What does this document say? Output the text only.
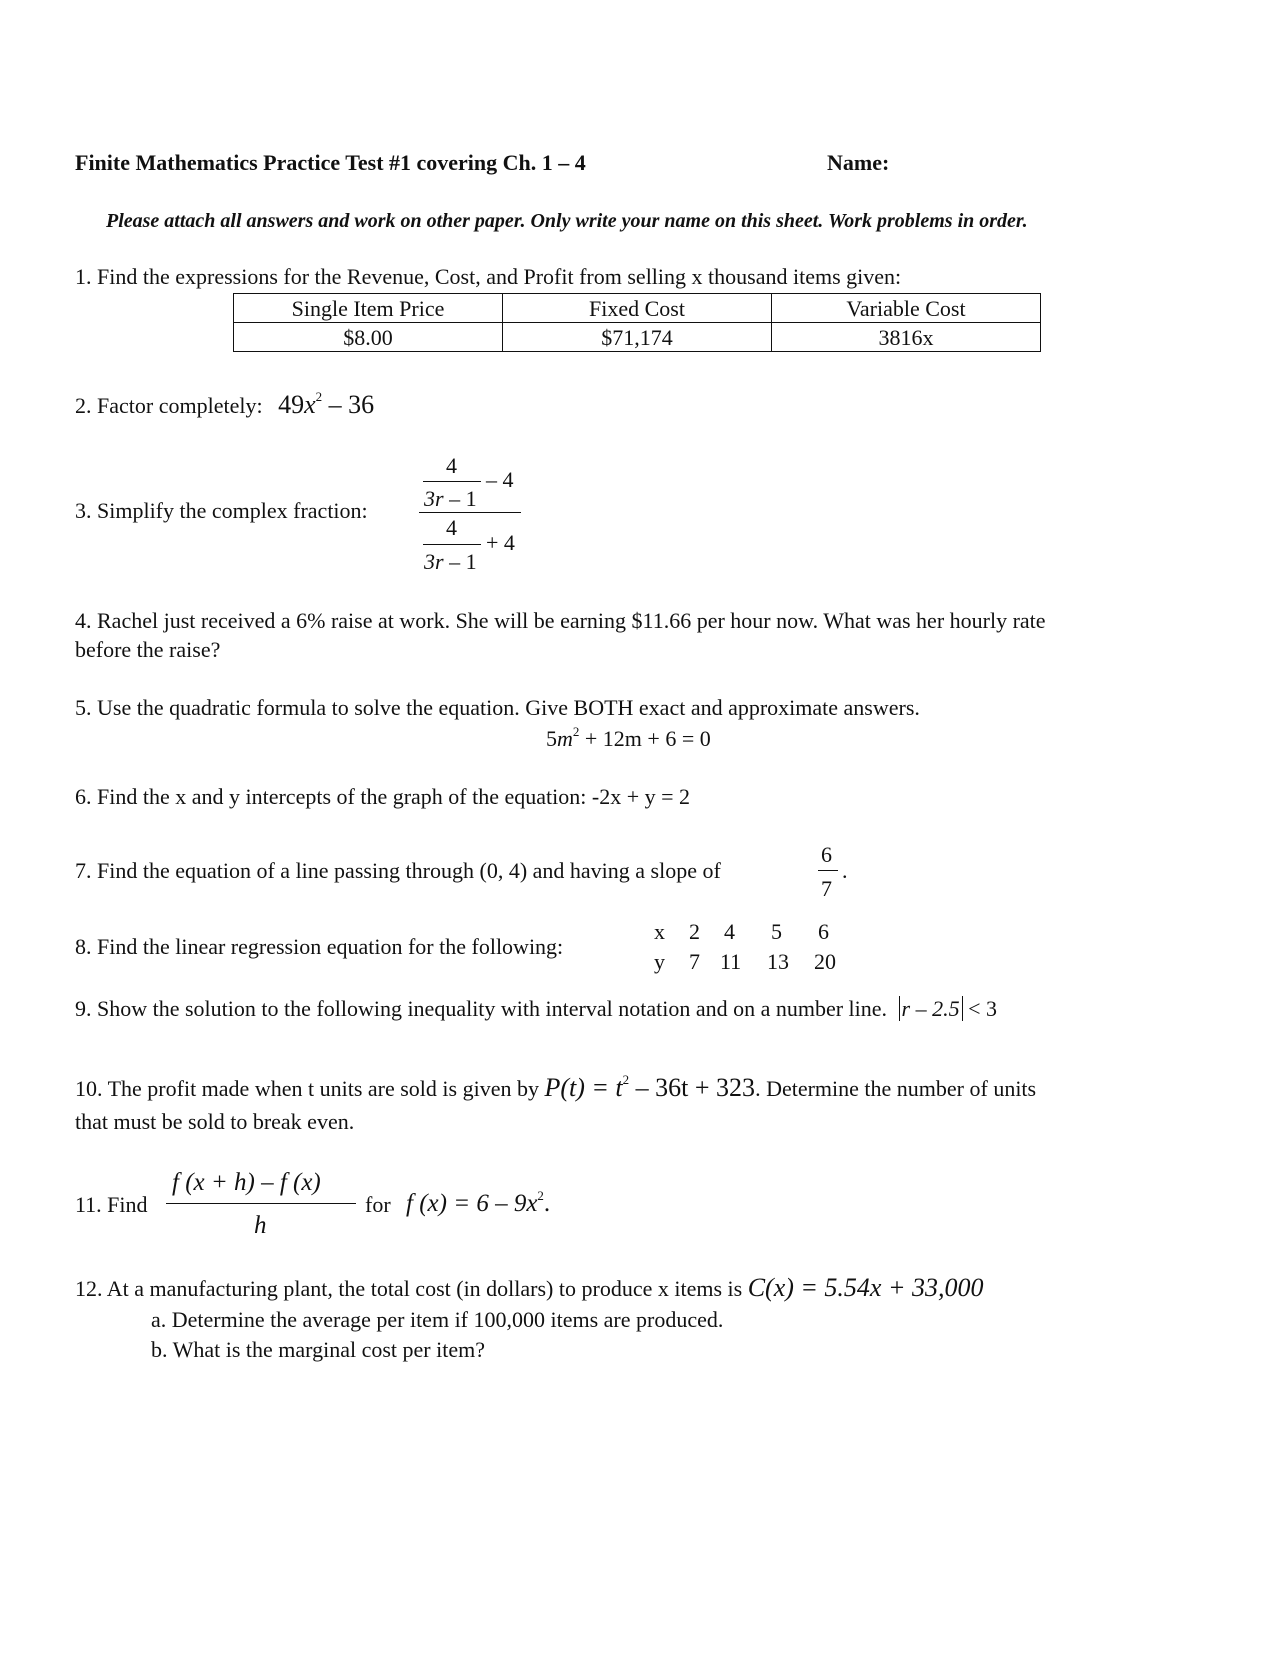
Finite Mathematics Practice Test #1 covering Ch. 1 – 4	Name:
Please attach all answers and work on other paper. Only write your name on this sheet. Work problems in order.
1. Find the expressions for the Revenue, Cost, and Profit from selling x thousand items given:
Single Item Price	Fixed Cost	Variable Cost
$8.00	$71,174	3816x
2. Factor completely: $49x^2 - 36$
3. Simplify the complex fraction:
4
3r – 1
– 4
4
3r – 1
+ 4
4. Rachel just received a 6% raise at work. She will be earning $11.66 per hour now. What was her hourly rate
before the raise?
5. Use the quadratic formula to solve the equation. Give BOTH exact and approximate answers.
$5m^2 + 12m + 6 = 0$
6. Find the x and y intercepts of the graph of the equation: -2x + y = 2
7. Find the equation of a line passing through (0, 4) and having a slope of
6
7
.
8. Find the linear regression equation for the following:
x 2 4 5 6
y 7 11 13 20
9. Show the solution to the following inequality with interval notation and on a number line. r – 2.5 < 3
10. The profit made when t units are sold is given by $P(t) = t^2 - 36t + 323$. Determine the number of units
that must be sold to break even.
11. Find
f (x + h) – f (x)
h
for f $(x) = 6 - 9x^2$.
12. At a manufacturing plant, the total cost (in dollars) to produce x items is C(x) = 5.54x + 33,000
a. Determine the average per item if 100,000 items are produced.
b. What is the marginal cost per item?
